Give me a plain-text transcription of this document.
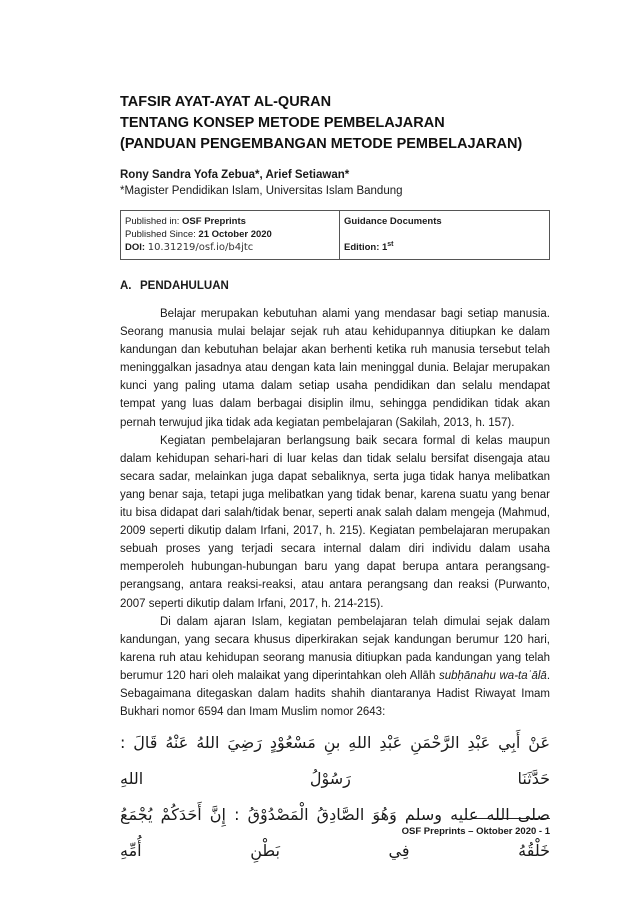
TAFSIR AYAT-AYAT AL-QURAN
TENTANG KONSEP METODE PEMBELAJARAN
(PANDUAN PENGEMBANGAN METODE PEMBELAJARAN)
Rony Sandra Yofa Zebua*, Arief Setiawan*
*Magister Pendidikan Islam, Universitas Islam Bandung
Published in: OSF Preprints
Published Since: 21 October 2020
DOI: 10.31219/osf.io/b4jtc
Guidance Documents
Edition: 1st
A. PENDAHULUAN

Belajar merupakan kebutuhan alami yang mendasar bagi setiap manusia. Seorang manusia mulai belajar sejak ruh atau kehidupannya ditiupkan ke dalam kandungan dan kebutuhan belajar akan berhenti ketika ruh manusia tersebut telah meninggalkan jasadnya atau dengan kata lain meninggal dunia. Belajar merupakan kunci yang paling utama dalam setiap usaha pendidikan dan selalu mendapat tempat yang luas dalam berbagai disiplin ilmu, sehingga pendidikan tidak akan pernah terwujud jika tidak ada kegiatan pembelajaran (Sakilah, 2013, h. 157).

Kegiatan pembelajaran berlangsung baik secara formal di kelas maupun dalam kehidupan sehari-hari di luar kelas dan tidak selalu bersifat disengaja atau secara sadar, melainkan juga dapat sebaliknya, serta juga tidak hanya melibatkan yang benar saja, tetapi juga melibatkan yang tidak benar, karena suatu yang benar itu bisa didapat dari salah/tidak benar, seperti anak salah dalam mengeja (Mahmud, 2009 seperti dikutip dalam Irfani, 2017, h. 215). Kegiatan pembelajaran merupakan sebuah proses yang terjadi secara internal dalam diri individu dalam usaha memperoleh hubungan-hubungan baru yang dapat berupa antara perangsang-perangsang, antara reaksi-reaksi, atau antara perangsang dan reaksi (Purwanto, 2007 seperti dikutip dalam Irfani, 2017, h. 214-215).

Di dalam ajaran Islam, kegiatan pembelajaran telah dimulai sejak dalam kandungan, yang secara khusus diperkirakan sejak kandungan berumur 120 hari, karena ruh atau kehidupan seorang manusia ditiupkan pada kandungan yang telah berumur 120 hari oleh malaikat yang diperintahkan oleh Allāh subḥānahu wa-taʿālā. Sebagaimana ditegaskan dalam hadits shahih diantaranya Hadist Riwayat Imam Bukhari nomor 6594 dan Imam Muslim nomor 2643:

عَنْ أَبِي عَبْدِ الرَّحْمَنِ عَبْدِ اللهِ بنِ مَسْعُوْدٍ رَضِيَ اللهُ عَنْهُ قَالَ : حَدَّثَنَا رَسُوْلُ اللهِ
صلى الله عليه وسلم وَهُوَ الصَّادِقُ الْمَصْدُوْقُ : إِنَّ أَحَدَكُمْ يُجْمَعُ خَلْقُهُ فِي بَطْنِ أُمِّهِ
OSF Preprints – Oktober 2020 - 1
